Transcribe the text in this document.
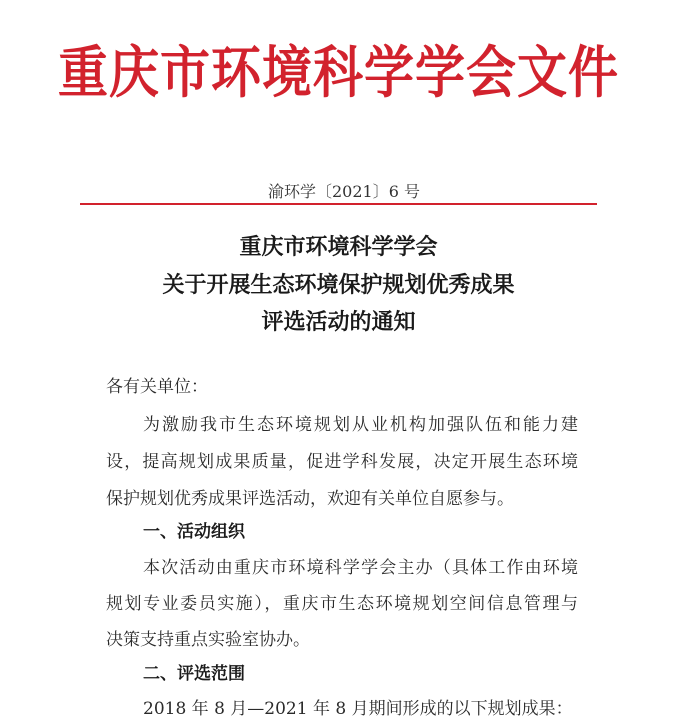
重庆市环境科学学会文件
渝环学〔2021〕6 号
重庆市环境科学学会
关于开展生态环境保护规划优秀成果
评选活动的通知
各有关单位：
为激励我市生态环境规划从业机构加强队伍和能力建
设，提高规划成果质量，促进学科发展，决定开展生态环境
保护规划优秀成果评选活动，欢迎有关单位自愿参与。
一、活动组织
本次活动由重庆市环境科学学会主办（具体工作由环境
规划专业委员实施），重庆市生态环境规划空间信息管理与
决策支持重点实验室协办。
二、评选范围
2018 年 8 月—2021 年 8 月期间形成的以下规划成果：
